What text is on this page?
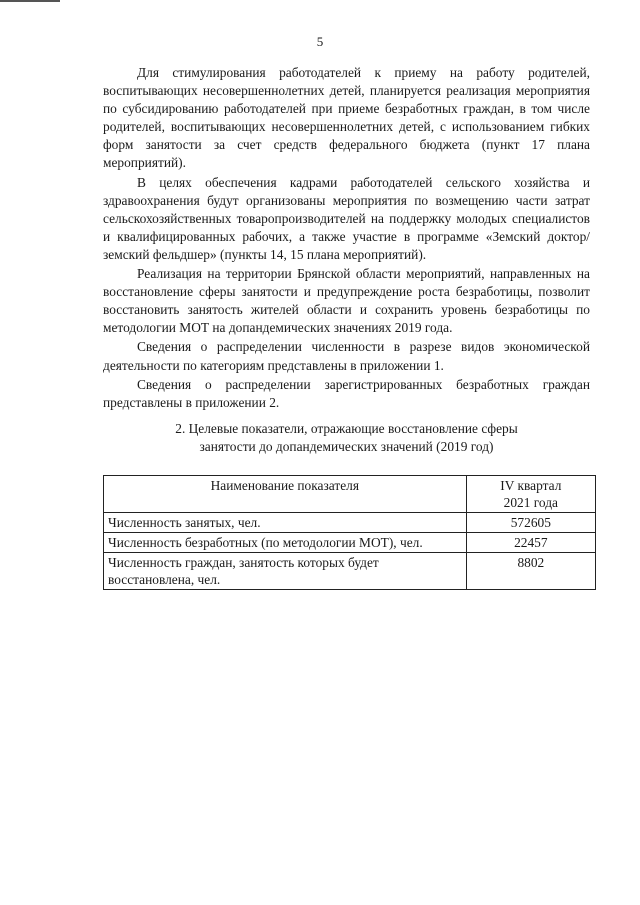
5

Для стимулирования работодателей к приему на работу родителей, воспитывающих несовершеннолетних детей, планируется реализация мероприятия по субсидированию работодателей при приеме безработных граждан, в том числе родителей, воспитывающих несовершеннолетних детей, с использованием гибких форм занятости за счет средств федерального бюджета (пункт 17 плана мероприятий).

В целях обеспечения кадрами работодателей сельского хозяйства и здравоохранения будут организованы мероприятия по возмещению части затрат сельскохозяйственных товаропроизводителей на поддержку молодых специалистов и квалифицированных рабочих, а также участие в программе «Земский доктор/земский фельдшер» (пункты 14, 15 плана мероприятий).

Реализация на территории Брянской области мероприятий, направленных на восстановление сферы занятости и предупреждение роста безработицы, позволит восстановить занятость жителей области и сохранить уровень безработицы по методологии МОТ на допандемических значениях 2019 года.

Сведения о распределении численности в разрезе видов экономической деятельности по категориям представлены в приложении 1.

Сведения о распределении зарегистрированных безработных граждан представлены в приложении 2.

2. Целевые показатели, отражающие восстановление сферы
занятости до допандемических значений (2019 год)
Наименование показателя	IV квартал
2021 года

Численность занятых, чел.	572605
Численность безработных (по методологии МОТ), чел.	22457
Численность граждан, занятость которых будет восстановлена, чел.	8802
